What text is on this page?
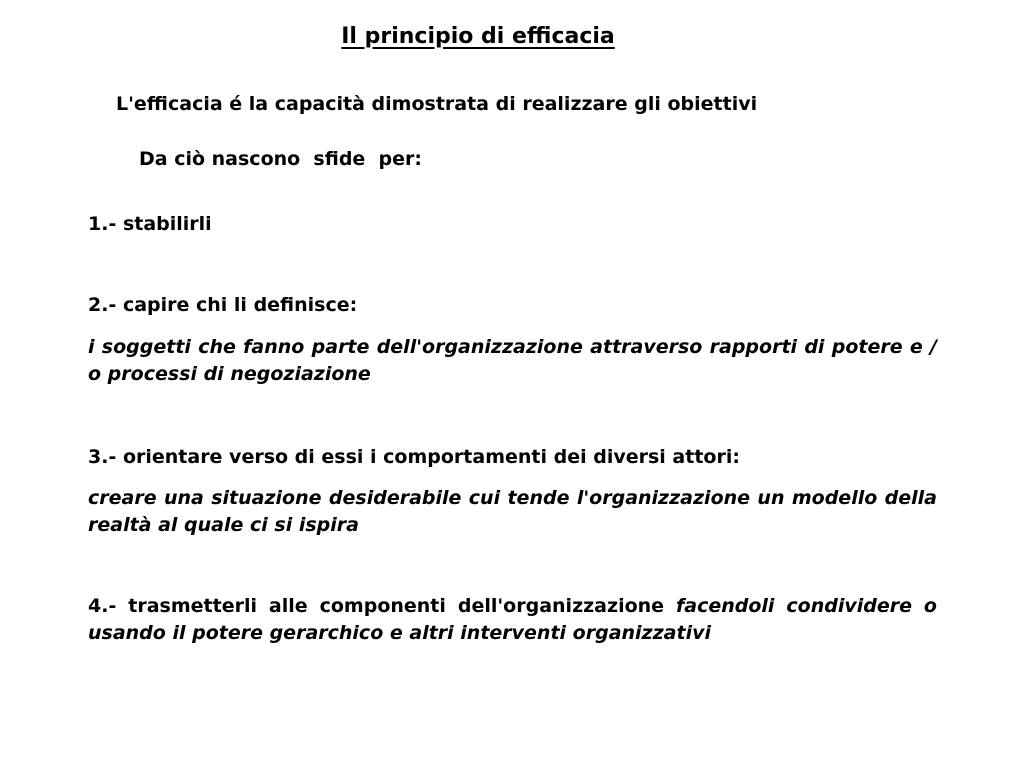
Il principio di efficacia
L'efficacia é la capacità dimostrata di realizzare gli obiettivi
Da ciò nascono  sfide  per:
1.- stabilirli
2.- capire chi li definisce:
i soggetti che fanno parte dell'organizzazione attraverso rapporti di potere e / o processi di negoziazione
3.- orientare verso di essi i comportamenti dei diversi attori:
creare una situazione desiderabile cui tende l'organizzazione un modello della realtà al quale ci si ispira
4.- trasmetterli alle componenti dell'organizzazione facendoli condividere o usando il potere gerarchico e altri interventi organizzativi
